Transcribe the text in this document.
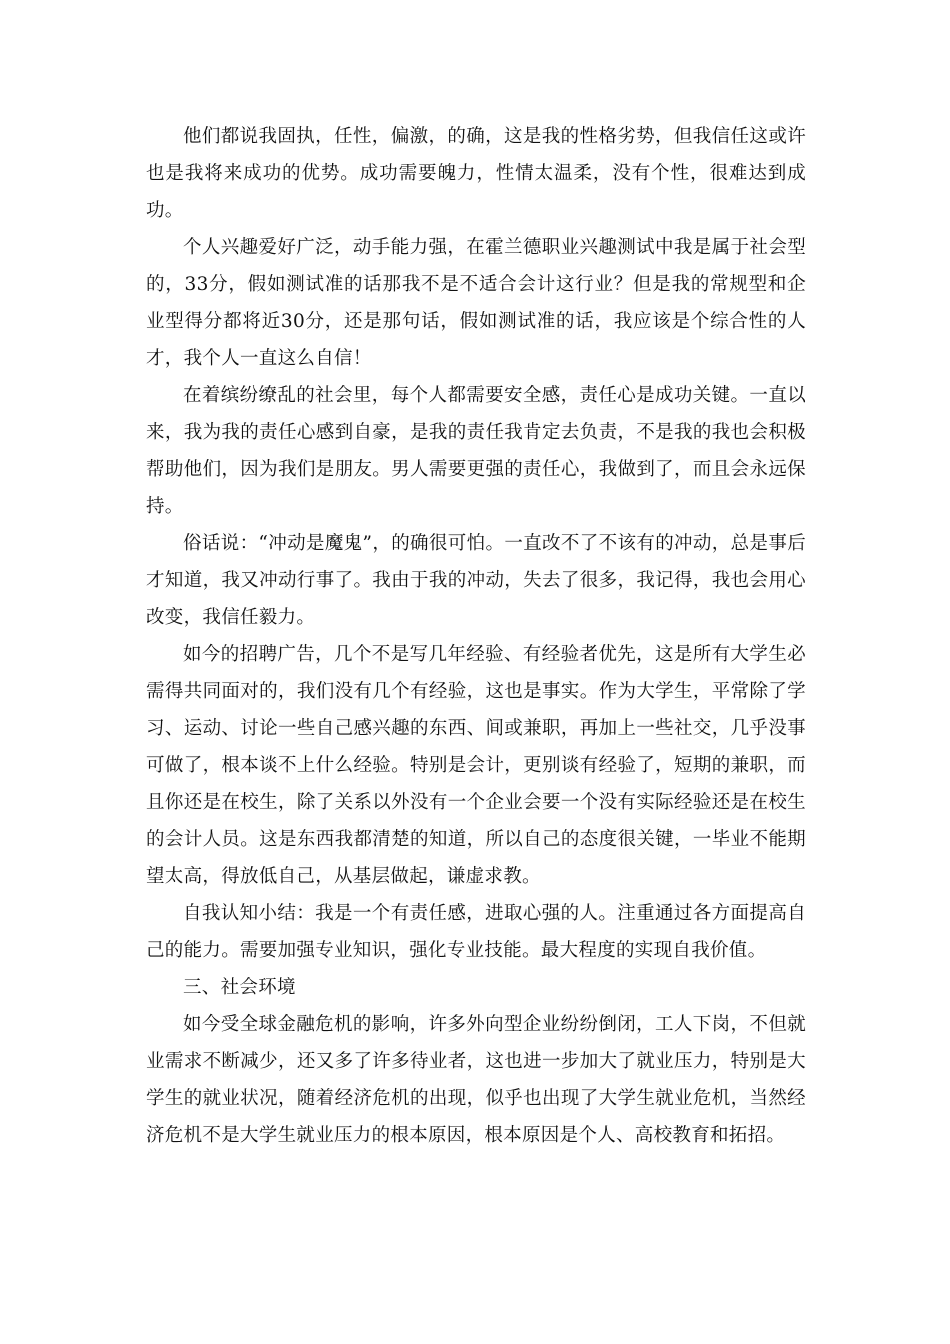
他们都说我固执，任性，偏激，的确，这是我的性格劣势，但我信任这或许也是我将来成功的优势。成功需要魄力，性情太温柔，没有个性，很难达到成功。

个人兴趣爱好广泛，动手能力强，在霍兰德职业兴趣测试中我是属于社会型的，33分，假如测试准的话那我不是不适合会计这行业？但是我的常规型和企业型得分都将近30分，还是那句话，假如测试准的话，我应该是个综合性的人才，我个人一直这么自信！

在着缤纷缭乱的社会里，每个人都需要安全感，责任心是成功关键。一直以来，我为我的责任心感到自豪，是我的责任我肯定去负责，不是我的我也会积极帮助他们，因为我们是朋友。男人需要更强的责任心，我做到了，而且会永远保持。

俗话说：“冲动是魔鬼”，的确很可怕。一直改不了不该有的冲动，总是事后才知道，我又冲动行事了。我由于我的冲动，失去了很多，我记得，我也会用心改变，我信任毅力。

如今的招聘广告，几个不是写几年经验、有经验者优先，这是所有大学生必需得共同面对的，我们没有几个有经验，这也是事实。作为大学生，平常除了学习、运动、讨论一些自己感兴趣的东西、间或兼职，再加上一些社交，几乎没事可做了，根本谈不上什么经验。特别是会计，更别谈有经验了，短期的兼职，而且你还是在校生，除了关系以外没有一个企业会要一个没有实际经验还是在校生的会计人员。这是东西我都清楚的知道，所以自己的态度很关键，一毕业不能期望太高，得放低自己，从基层做起，谦虚求教。

自我认知小结：我是一个有责任感，进取心强的人。注重通过各方面提高自己的能力。需要加强专业知识，强化专业技能。最大程度的实现自我价值。

三、社会环境

如今受全球金融危机的影响，许多外向型企业纷纷倒闭，工人下岗，不但就业需求不断减少，还又多了许多待业者，这也进一步加大了就业压力，特别是大学生的就业状况，随着经济危机的出现，似乎也出现了大学生就业危机，当然经济危机不是大学生就业压力的根本原因，根本原因是个人、高校教育和拓招。
